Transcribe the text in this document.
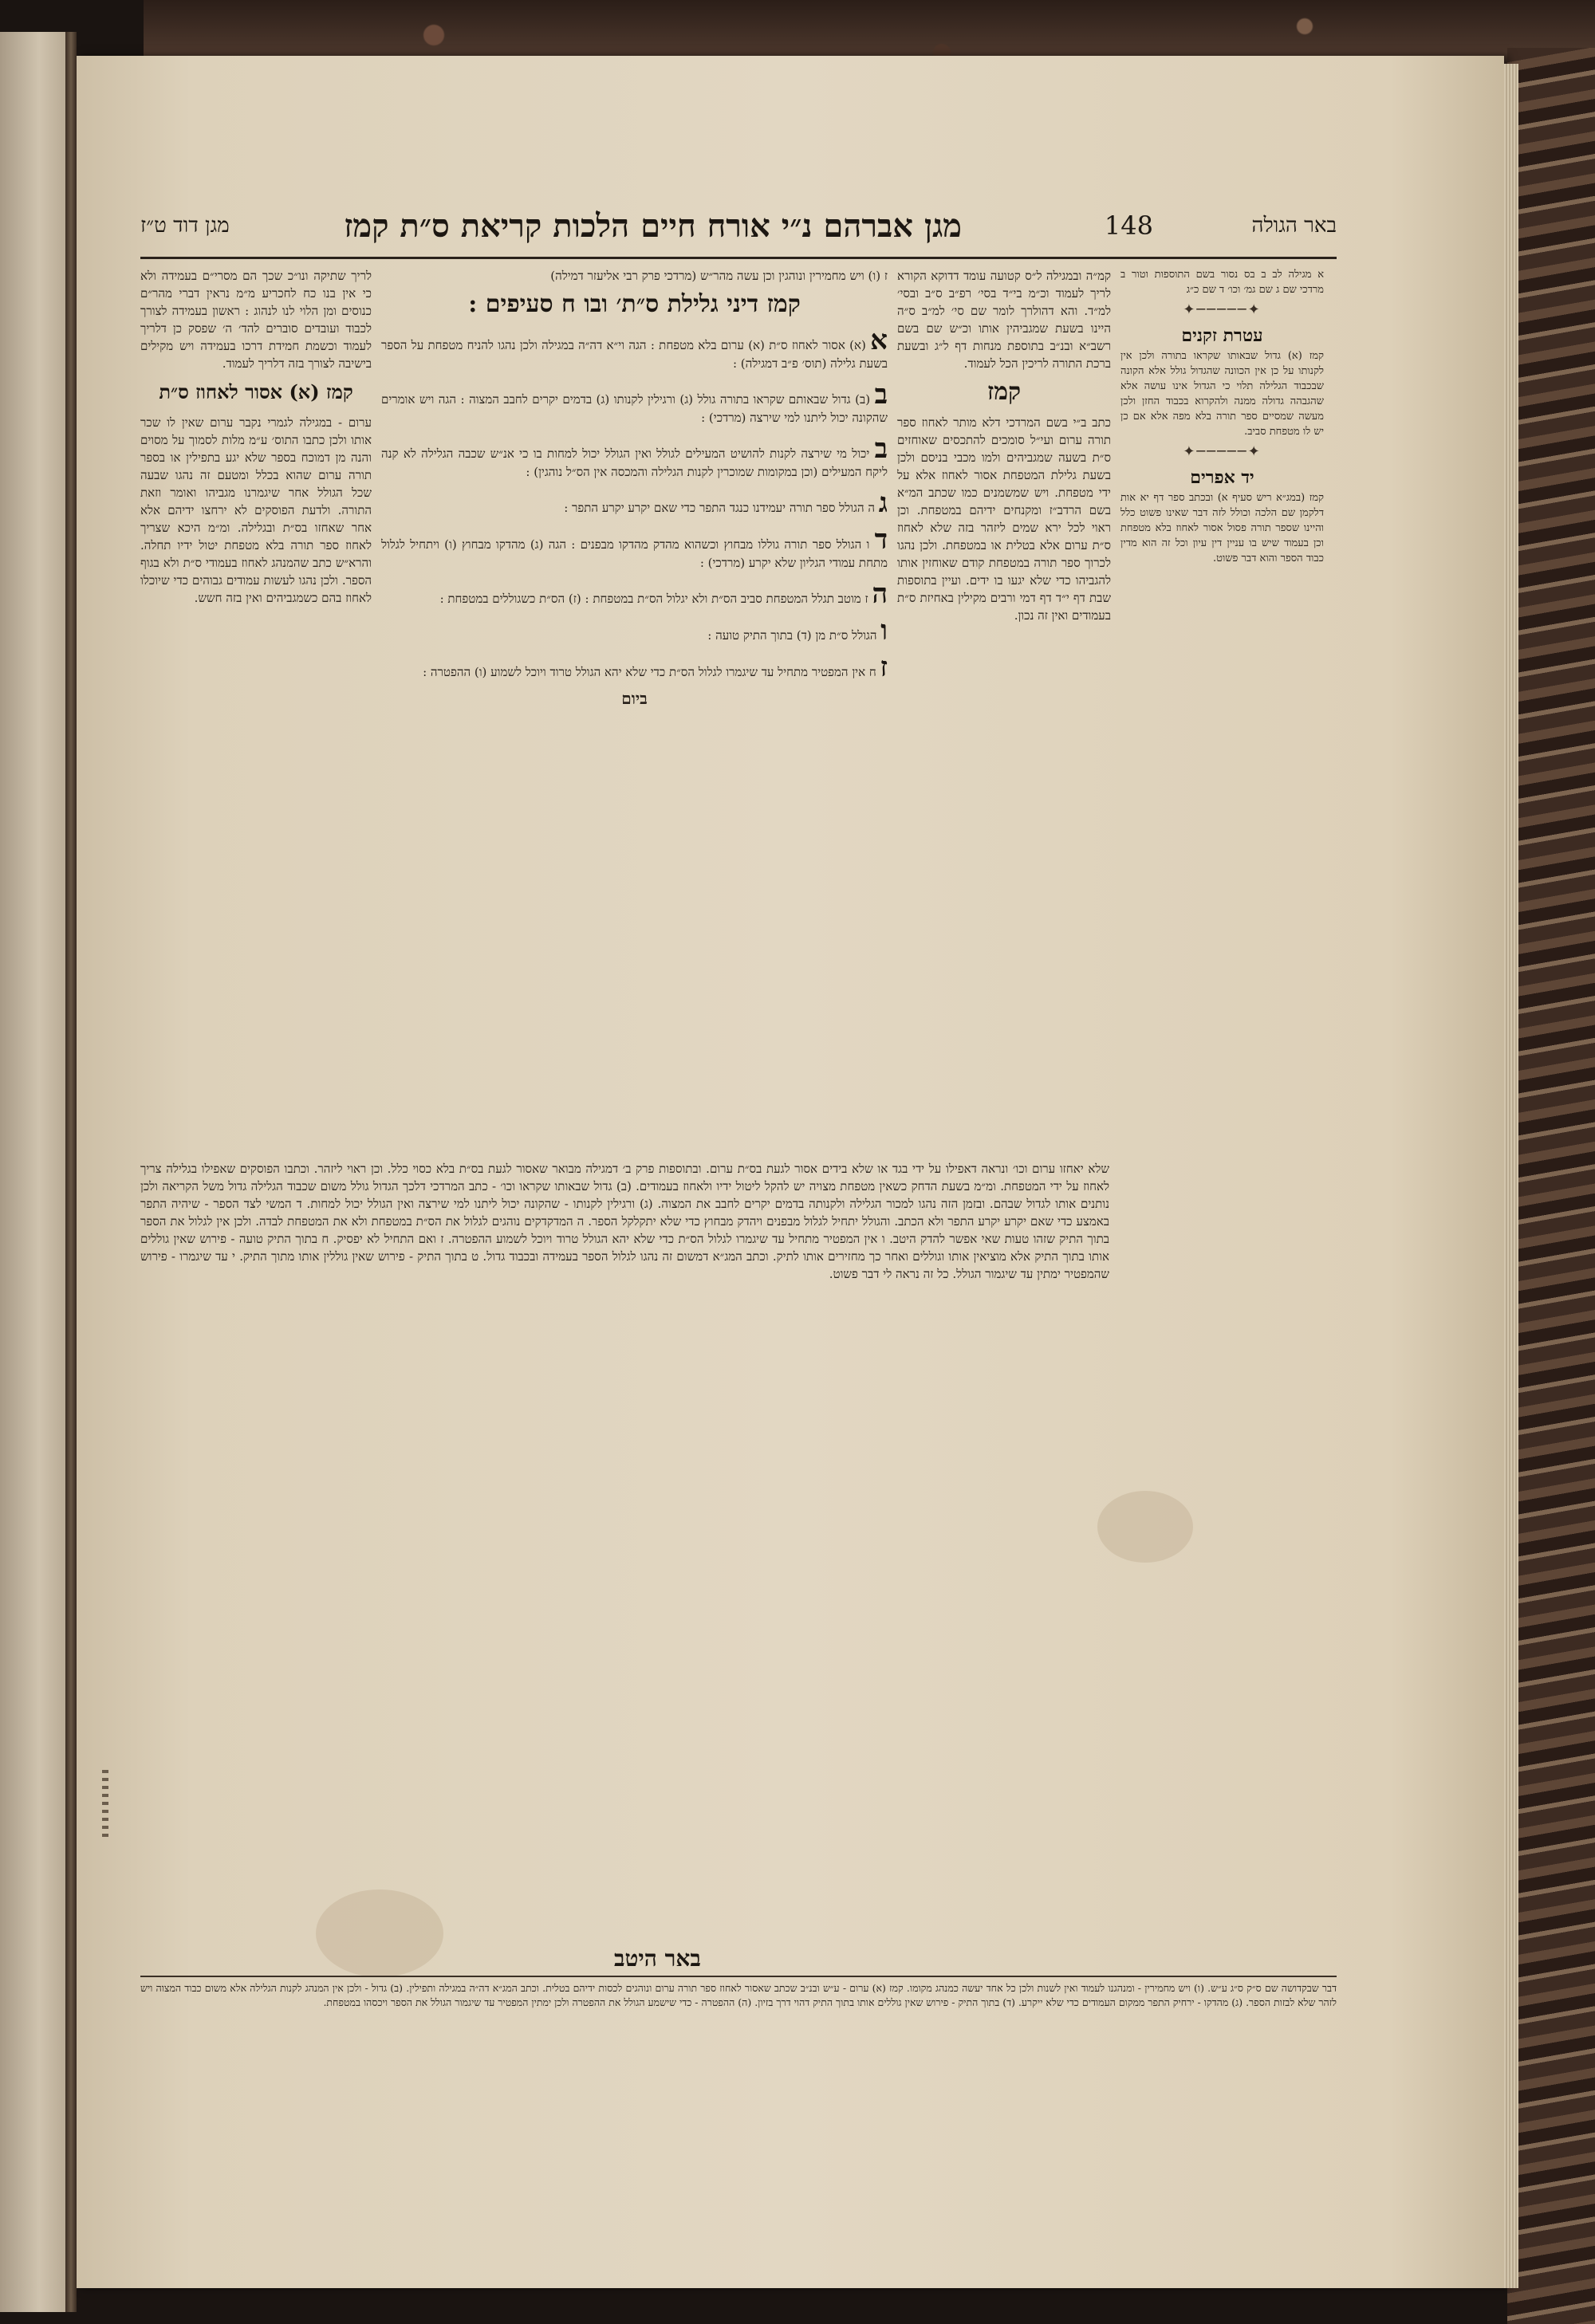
באר הגולה
148
מגן אברהם נ״י אורח חיים הלכות קריאת ס״ת קמז
מגן דוד ט״ז

א מגילה לב ב בס נסור בשם התוספות וטור ב מרדכי שם ג שם גמ׳ וכו׳ ד שם כ״ג

✦─────✦
עטרת זקנים

קמז (א) גדול שבאותו שקראו בתורה ולכן אין לקנותו על כן אין הכוונה שהגדול גולל אלא הקונה שבכבוד הגלילה תלוי כי הגדול אינו עושה אלא שהגבהה גדולה ממנה ולהקרוא בכבוד החזן ולכן מעשה שמסיים ספר תורה בלא מפה אלא אם כן יש לו מטפחת סביב.

✦─────✦
יד אפרים

קמז (במג״א ריש סעיף א) ובכתב ספר דף יא אות דלקמן שם הלכה וכולל לזה דבר שאינו פשוט כלל והיינו שספר תורה פסול אסור לאחוז בלא מטפחת וכן בעמוד שיש בו עניין דין עיון וכל זה הוא מדין כבוד הספר והוא דבר פשוט.

קמ״ה ובמגילה ל״ס קטועה עומד דדוקא הקורא לריך לעמוד וכ״מ בי״ד בסי׳ רפ״ב ס״ב ובסי׳ למ״ד. והא דהולרך לומר שם סי׳ למ״ב ס״ה היינו בשעת שמגביהין אותו וכ״ש שם בשם רשב״א ובנ״ב בתוספת מנחות דף ל״ג ובשעת ברכת התורה לריכין הכל לעמוד.

קמז

כתב ב״י בשם המרדכי דלא מותר לאחוז ספר תורה ערום ועי״ל סומכים להתכסים שאוחזים ס״ת בשעה שמגביהים ולמו מכבי בניסם ולכן בשעת גלילת המטפחת אסור לאחוז אלא על ידי מטפחת. ויש שמשמנים כמו שכתב המ״א בשם הרדב״ז ומקנחים ידיהם במטפחת. וכן ראוי לכל ירא שמים ליזהר בזה שלא לאחוז ס״ת ערום אלא בטלית או במטפחת. ולכן נהגו לכרוך ספר תורה במטפחת קודם שאוחזין אותו להגביהו כדי שלא יגעו בו ידים. ועיין בתוספות שבת דף י״ד דף דמי ורבים מקילין באחיזת ס״ת בעמודים ואין זה נכון.

ז (ו) ויש מחמירין ונוהגין וכן עשה מהר״ש (מרדכי פרק רבי אליעזר דמילה)

קמז דיני גלילת ס״ת׳ ובו ח סעיפים :

א (א) אסור לאחוז ס״ת (א) ערום בלא מטפחת : הגה וי״א דה״ה במגילה ולכן נהגו להניח מטפחת על הספר בשעת גלילה (תוס׳ פ״ב דמגילה) :

ב (ב) גדול שבאותם שקראו בתורה גולל (ג) ורגילין לקנותו (ג) בדמים יקרים לחבב המצוה : הגה ויש אומרים שהקונה יכול ליתנו למי שירצה (מרדכי) :

ב יכול מי שירצה לקנות להושיט המעילים לגולל ואין הגולל יכול למחות בו כי אנ״ש שכבה הגלילה לא קנה ליקח המעילים (וכן במקומות שמוכרין לקנות הגלילה והמכסה אין הס״ל נוהגין) :

ג ה הגולל ספר תורה יעמידנו כנגד התפר כדי שאם יקרע יקרע התפר :

ד ו הגולל ספר תורה גוללו מבחוץ וכשהוא מהדק מהדקו מבפנים : הגה (ג) מהדקו מבחוץ (ו) ויתחיל לגלול מתחת עמודי הגליון שלא יקרע (מרדכי) :

ה ז מוטב תגלל המטפחת סביב הס״ת ולא יגלול הס״ת במטפחת : (ז) הס״ת כשגוללים במטפחת :

ו הגולל ס״ת מן (ד) בתוך התיק טועה :

ז ח אין המפטיר מתחיל עד שיגמרו לגלול הס״ת כדי שלא יהא הגולל טרוד ויוכל לשמוע (ו) ההפטרה :

ביום

לריך שתיקה ונו״כ שכך הם מסרי״ם בעמידה ולא כי אין בנו כח לחכריע מ״מ נראין דברי מהר״ם כנוסים ומן הלוי לנו לנהוג : ראשון בעמידה לצורך לכבוד ועובדים סוברים להד׳ ה׳ שפסק כן דלריך לעמוד וכשמת חמידת דרכו בעמידה ויש מקילים בישיבה לצורך בזה דלריך לעמוד.

קמז (א) אסור לאחוז ס״ת

ערום - במגילה לגמרי נקבר ערום שאין לו שכר אותו ולכן כתבו התוס׳ ע״מ מלות לסמוך על מסוים והנה מן דמוכח בספר שלא יגע בתפילין או בספר תורה ערום שהוא בכלל ומטעם זה נהגו שבעה שכל הגולל אחר שיגמרנו מגביהו ואומר וזאת התורה. ולדעת הפוסקים לא ירחצו ידיהם אלא אחר שאחזו בס״ת ובגלילה. ומ״מ היכא שצריך לאחוז ספר תורה בלא מטפחת יטול ידיו תחלה. והרא״ש כתב שהמנהג לאחוז בעמודי ס״ת ולא בגוף הספר. ולכן נהגו לעשות עמודים גבוהים כדי שיוכלו לאחוז בהם כשמגביהים ואין בזה חשש.

שלא יאחזו ערום וכו׳ ונראה דאפילו על ידי בגד או שלא בידים אסור לגעת בס״ת ערום. ובתוספות פרק ב׳ דמגילה מבואר שאסור לגעת בס״ת בלא כסוי כלל. וכן ראוי ליזהר. וכתבו הפוסקים שאפילו בגלילה צריך לאחוז על ידי המטפחת. ומ״מ בשעת הדחק כשאין מטפחת מצויה יש להקל ליטול ידיו ולאחוז בעמודים. (ב) גדול שבאותו שקראו וכו׳ - כתב המרדכי דלכך הגדול גולל משום שכבוד הגלילה גדול משל הקריאה ולכן נותנים אותו לגדול שבהם. ובזמן הזה נהגו למכור הגלילה ולקנותה בדמים יקרים לחבב את המצוה. (ג) ורגילין לקנותו - שהקונה יכול ליתנו למי שירצה ואין הגולל יכול למחות. ד המשי לצד הספר - שיהיה התפר באמצע כדי שאם יקרע יקרע התפר ולא הכתב. והגולל יתחיל לגלול מבפנים ויהדק מבחוץ כדי שלא יתקלקל הספר. ה המדקדקים נוהגים לגלול את הס״ת במטפחת ולא את המטפחת לבדה. ולכן אין לגלול את הספר בתוך התיק שזהו טעות שאי אפשר להדק היטב. ו אין המפטיר מתחיל עד שיגמרו לגלול הס״ת כדי שלא יהא הגולל טרוד ויוכל לשמוע ההפטרה. ז ואם התחיל לא יפסיק. ח בתוך התיק טועה - פירוש שאין גוללים אותו בתוך התיק אלא מוציאין אותו וגוללים ואחר כך מחזירים אותו לתיק. וכתב המג״א דמשום זה נהגו לגלול הספר בעמידה ובכבוד גדול. ט בתוך התיק - פירוש שאין גוללין אותו מתוך התיק. י עד שיגמרו - פירוש שהמפטיר ימתין עד שיגמור הגולל. כל זה נראה לי דבר פשוט.

באר היטב

דבר שבקדושה שם ס״ק ס״ג ע״ש. (ו) ויש מחמירין - ומנהגנו לעמוד ואין לשנות ולכן כל אחד יעשה כמנהג מקומו. קמז (א) ערום - ע״ש ובנ״ב שכתב שאסור לאחוז ספר תורה ערום ונוהגים לכסות ידיהם בטלית. וכתב המג״א דה״ה במגילה ותפילין. (ב) גדול - ולכן אין המנהג לקנות הגלילה אלא משום כבוד המצוה ויש לזהר שלא לבזות הספר. (ג) מהדקו - ירחיק התפר ממקום העמודים כדי שלא ייקרע. (ד) בתוך התיק - פירוש שאין גוללים אותו בתוך התיק דהוי דרך בזיון. (ה) ההפטרה - כדי שישמע הגולל את ההפטרה ולכן ימתין המפטיר עד שיגמור הגולל את הספר ויכסהו במטפחת.
